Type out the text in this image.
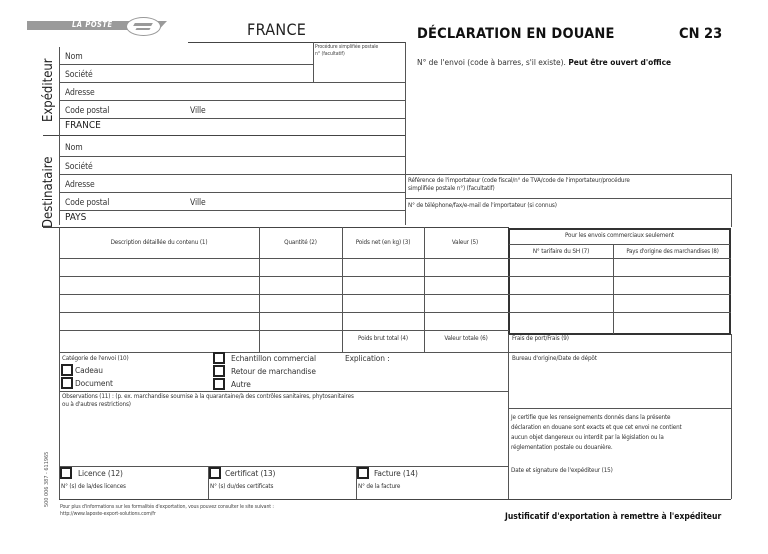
LA POSTE	FRANCE	DÉCLARATION EN DOUANE	CN 23
N° de l'envoi (code à barres, s'il existe). Peut être ouvert d'office
Expéditeur
Nom
Société
Procédure simplifiée postale
n° (facultatif)
Adresse
Code postal	Ville
FRANCE
Destinataire
Nom
Société
Adresse
Code postal	Ville
PAYS
Référence de l'importateur (code fiscal/n° de TVA/code de l'importateur/procédure
simplifiée postale n°) (facultatif)
N° de téléphone/fax/e-mail de l'importateur (si connus)
Description détaillée du contenu (1)	Quantité (2)	Poids net (en kg) (3)	Valeur (5)
Pour les envois commerciaux seulement
N° tarifaire du SH (7)	Pays d'origine des marchandises (8)
Poids brut total (4)	Valeur totale (6)	Frais de port/Frais (9)
Catégorie de l'envoi (10)
Cadeau
Document
Echantillon commercial
Retour de marchandise
Autre
Explication :
Observations (11) : (p. ex. marchandise soumise à la quarantaine/à des contrôles sanitaires, phytosanitaires
ou à d'autres restrictions)
Bureau d'origine/Date de dépôt
Je certifie que les renseignements donnés dans la présente
déclaration en douane sont exacts et que cet envoi ne contient
aucun objet dangereux ou interdit par la législation ou la
réglementation postale ou douanière.
Date et signature de l'expéditeur (15)
Licence (12)
N° (s) de la/des licences
Certificat (13)
N° (s) du/des certificats
Facture (14)
N° de la facture
500 006 387 - 611965 Pour plus d'informations sur les formalités d'exportation, vous pouvez consulter le site suivant :
http://www.laposte-export-solutions.com/fr	Justificatif d'exportation à remettre à l'expéditeur
